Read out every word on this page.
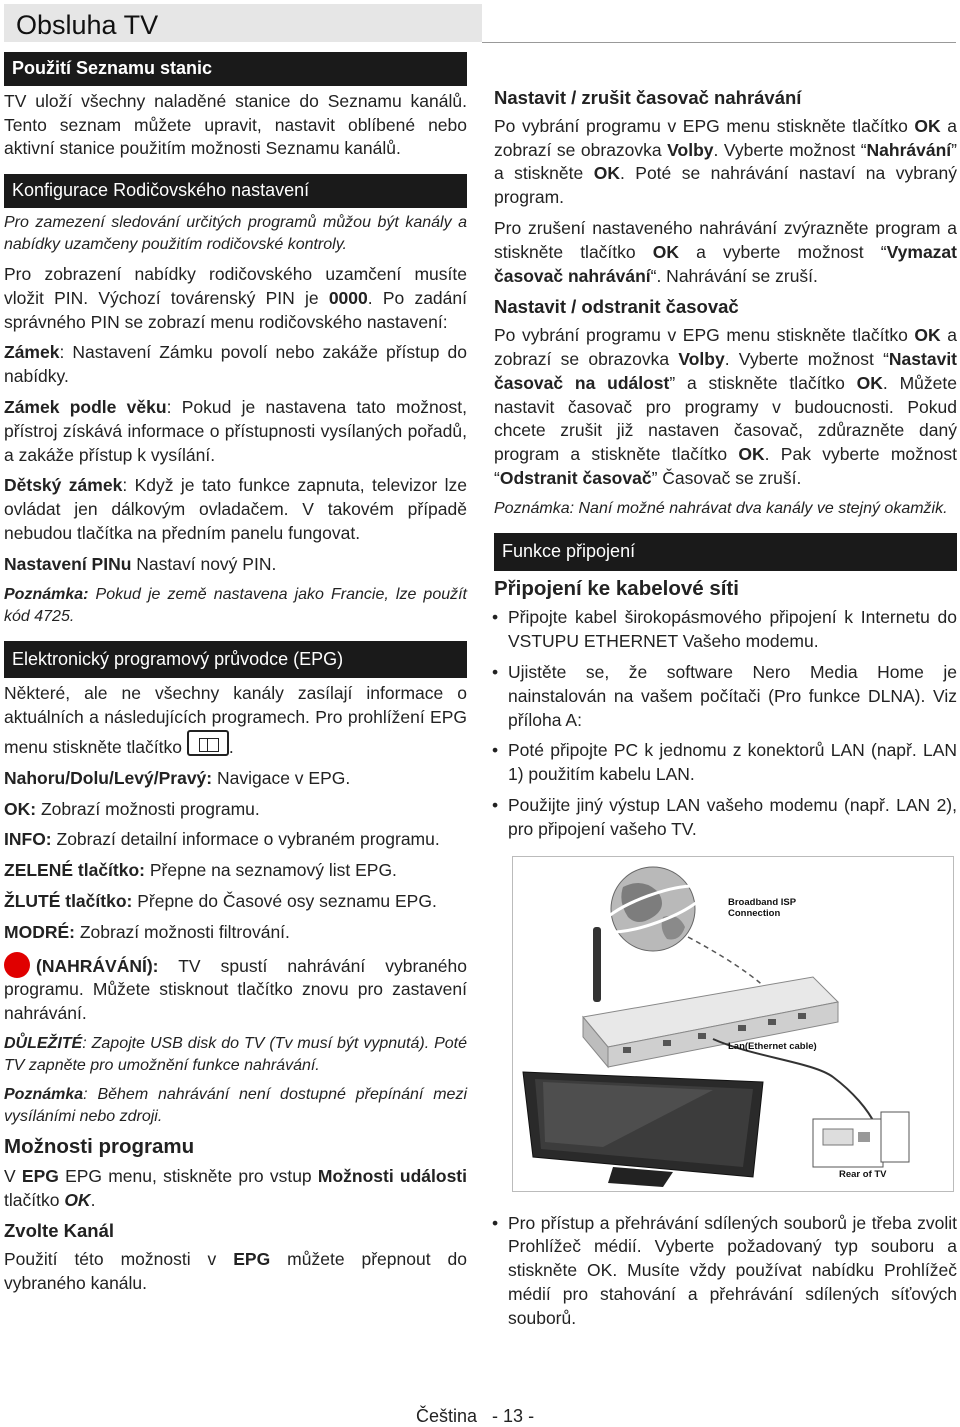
Obsluha TV
Použití Seznamu stanic

TV uloží všechny naladěné stanice do Seznamu kanálů. Tento seznam můžete upravit, nastavit oblíbené nebo aktivní stanice použitím možnosti Seznamu kanálů.

Konfigurace Rodičovského nastavení

Pro zamezení sledování určitých programů můžou být kanály a nabídky uzamčeny použitím rodičovské kontroly.

Pro zobrazení nabídky rodičovského uzamčení musíte vložit PIN. Výchozí továrenský PIN je 0000. Po zadání správného PIN se zobrazí menu rodičovského nastavení:

Zámek: Nastavení Zámku povolí nebo zakáže přístup do nabídky.

Zámek podle věku: Pokud je nastavena tato možnost, přístroj získává informace o přístupnosti vysílaných pořadů, a zakáže přístup k vysílání.

Dětský zámek: Když je tato funkce zapnuta, televizor lze ovládat jen dálkovým ovladačem. V takovém případě nebudou tlačítka na předním panelu fungovat.

Nastavení PINu Nastaví nový PIN.

Poznámka: Pokud je země nastavena jako Francie, lze použít kód 4725.

Elektronický programový průvodce (EPG)

Některé, ale ne všechny kanály zasílají informace o aktuálních a následujících programech. Pro prohlížení EPG menu stiskněte tlačítko .

Nahoru/Dolu/Levý/Pravý: Navigace v EPG.

OK: Zobrazí možnosti programu.

INFO: Zobrazí detailní informace o vybraném programu.

ZELENÉ tlačítko: Přepne na seznamový list EPG.

ŽLUTÉ tlačítko: Přepne do Časové osy seznamu EPG.

MODRÉ: Zobrazí možnosti filtrování.

(NAHRÁVÁNÍ): TV spustí nahrávání vybraného programu. Můžete stisknout tlačítko znovu pro zastavení nahrávání.

DŮLEŽITÉ: Zapojte USB disk do TV (Tv musí být vypnutá). Poté TV zapněte pro umožnění funkce nahrávání.

Poznámka: Během nahrávání není dostupné přepínání mezi vysíláními nebo zdroji.

Možnosti programu

V EPG EPG menu, stiskněte pro vstup Možnosti události tlačítko OK.

Zvolte Kanál

Použití této možnosti v EPG můžete přepnout do vybraného kanálu.

Nastavit / zrušit časovač nahrávání

Po vybrání programu v EPG menu stiskněte tlačítko OK a zobrazí se obrazovka Volby. Vyberte možnost “Nahrávání” a stiskněte OK. Poté se nahrávání nastaví na vybraný program.

Pro zrušení nastaveného nahrávání zvýrazněte program a stiskněte tlačítko OK a vyberte možnost “Vymazat časovač nahrávání“. Nahrávání se zruší.

Nastavit / odstranit časovač

Po vybrání programu v EPG menu stiskněte tlačítko OK a zobrazí se obrazovka Volby. Vyberte možnost “Nastavit časovač na událost” a stiskněte tlačítko OK. Můžete nastavit časovač pro programy v budoucnosti. Pokud chcete zrušit již nastaven časovač, zdůrazněte daný program a stiskněte tlačítko OK. Pak vyberte možnost “Odstranit časovač” Časovač se zruší.

Poznámka: Naní možné nahrávat dva kanály ve stejný okamžik.

Funkce připojení
Připojení ke kabelové síti
• Připojte kabel širokopásmového připojení k Internetu do VSTUPU ETHERNET Vašeho modemu.
• Ujistěte se, že software Nero Media Home je nainstalován na vašem počítači (Pro funkce DLNA). Viz příloha A:
• Poté připojte PC k jednomu z konektorů LAN (např. LAN 1) použitím kabelu LAN.
• Použijte jiný výstup LAN vašeho modemu (např. LAN 2), pro připojení vašeho TV.
Broadband ISP
Connection
Lan(Ethernet cable)
Rear of TV
• Pro přístup a přehrávání sdílených souborů je třeba zvolit Prohlížeč médií. Vyberte požadovaný typ souboru a stiskněte OK. Musíte vždy používat nabídku Prohlížeč médií pro stahování a přehrávání sdílených síťových souborů.
Čeština - 13 -
